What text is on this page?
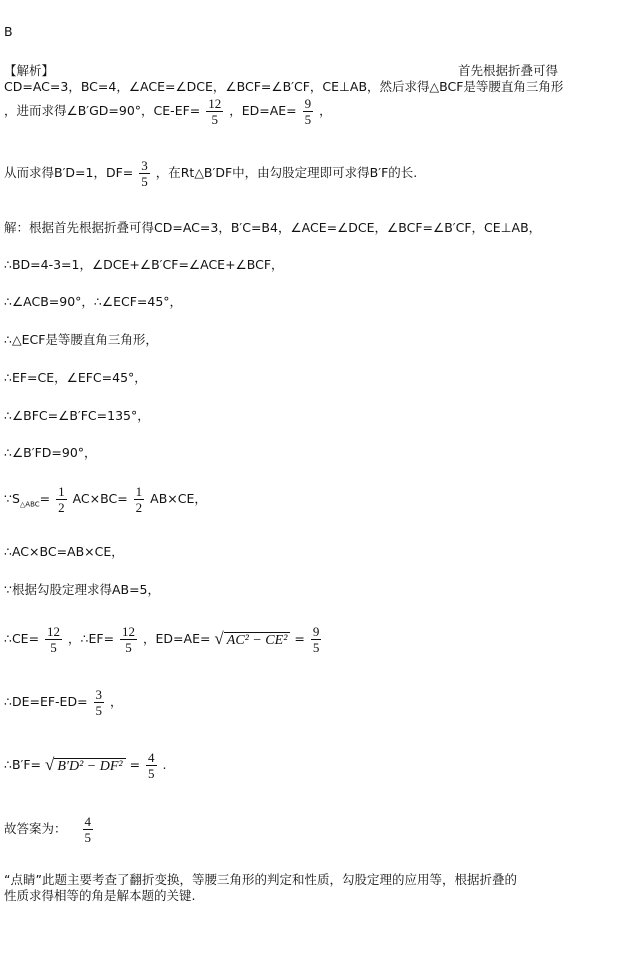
B
【解析】	首先根据折叠可得
CD=AC=3，BC=4，∠ACE=∠DCE，∠BCF=∠B′CF，CE⊥AB，然后求得△BCF是等腰直角三角形
，进而求得∠B′GD=90°，$CE-EF= \frac{12}{5}$ ，$ED=AE= \frac{9}{5}$ ，
从而求得B′D=1，$DF= \frac{3}{5}$ ，在Rt△B′DF中，由勾股定理即可求得B′F的长.
解：根据首先根据折叠可得CD=AC=3，B′C=B4，∠ACE=∠DCE，∠BCF=∠B′CF，CE⊥AB，
∴BD=4-3=1，∠DCE+∠B′CF=∠ACE+∠BCF，
∴∠ACB=90°，∴∠ECF=45°，
∴△ECF是等腰直角三角形，
∴EF=CE，∠EFC=45°，
∴∠BFC=∠B′FC=135°，
∴∠B′FD=90°，
$\because S_{\triangle ABC}= \frac{1}{2} AC\times BC= \frac{1}{2} AB\times CE$，
∴AC×BC=AB×CE，
∵根据勾股定理求得AB=5，
∴CE= $\frac{12}{5}$ ，∴EF= $\frac{12}{5}$ ，ED=AE= √ $AC^2 - CE^2 = \frac{9}{5}$
∴DE=EF-ED= $\frac{3}{5}$ ，
∴B′F= √ $B'D^2 - DF^2 = \frac{4}{5}$ .
故答案为： $\frac{4}{5}$
“点睛”此题主要考查了翻折变换，等腰三角形的判定和性质，勾股定理的应用等，根据折叠的
性质求得相等的角是解本题的关键.
